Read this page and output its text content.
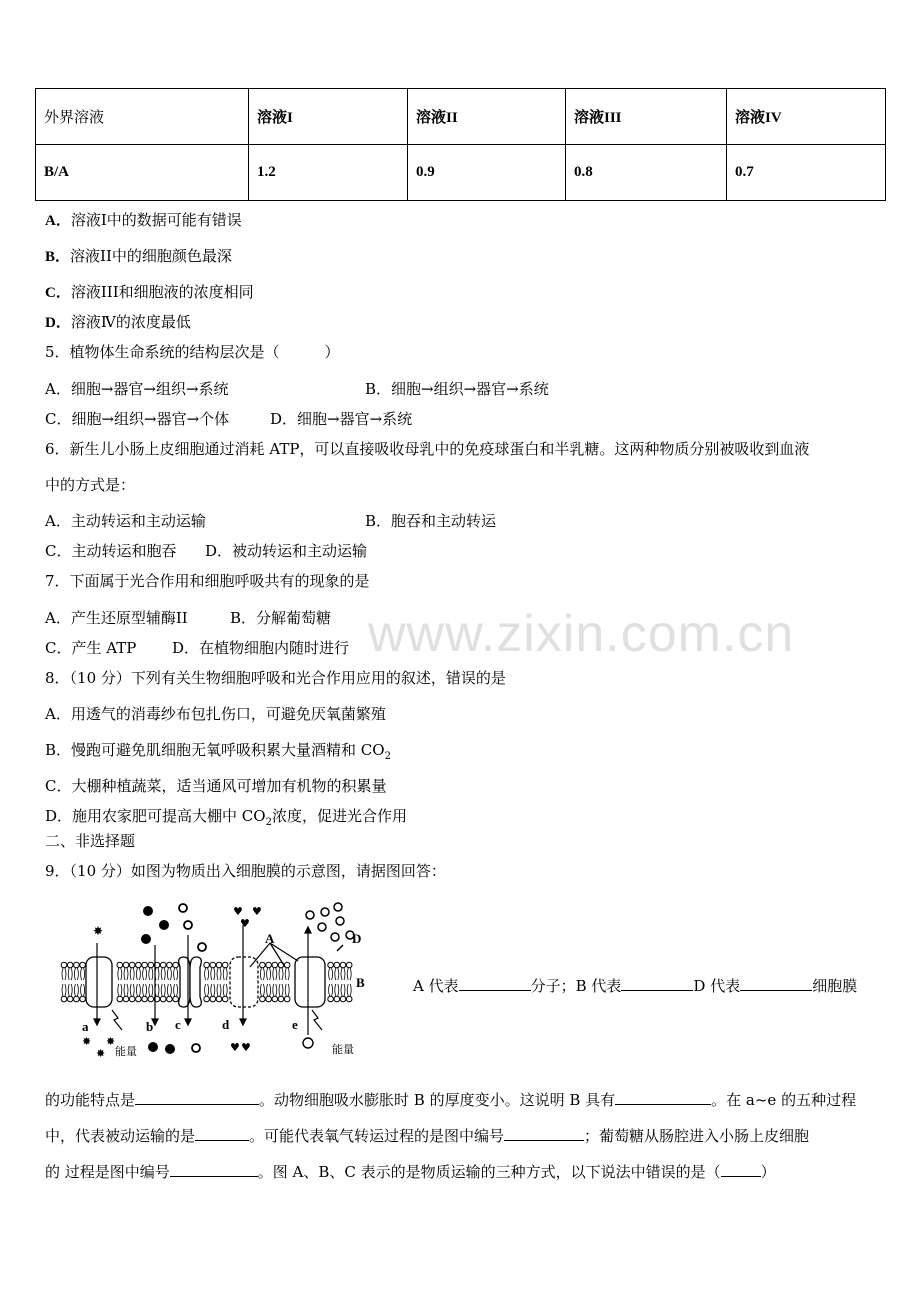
外界溶液	溶液I	溶液II	溶液III	溶液IV
B/A	1.2	0.9	0.8	0.7
A．溶液I中的数据可能有错误
B．溶液II中的细胞颜色最深
C．溶液III和细胞液的浓度相同
D．溶液Ⅳ的浓度最低
5．植物体生命系统的结构层次是（　　　）
A．细胞→器官→组织→系统	B．细胞→组织→器官→系统
C．细胞→组织→器官→个体	D．细胞→器官→系统
6．新生儿小肠上皮细胞通过消耗 ATP，可以直接吸收母乳中的免疫球蛋白和半乳糖。这两种物质分别被吸收到血液
中的方式是：
A．主动转运和主动运输	B．胞吞和主动转运
C．主动转运和胞吞 D．被动转运和主动运输
7．下面属于光合作用和细胞呼吸共有的现象的是
A．产生还原型辅酶II	B．分解葡萄糖
C．产生 ATP D．在植物细胞内随时进行 www.zixin.com.cn
8．（10 分）下列有关生物细胞呼吸和光合作用应用的叙述，错误的是
A．用透气的消毒纱布包扎伤口，可避免厌氧菌繁殖
B．慢跑可避免肌细胞无氧呼吸积累大量酒精和 $CO_2$
C．大棚种植蔬菜，适当通风可增加有机物的积累量
D．施用农家肥可提高大棚中 $CO_2$浓度，促进光合作用
二、非选择题
9．（10 分）如图为物质出入细胞膜的示意图，请据图回答：
✸
♥ ♥
♥
✸
✸
✸	♥ ♥
A
B
D
a	b c	d	e
能量	能量
A 代表	分子；B 代表	D 代表	细胞膜
的功能特点是	。动物细胞吸水膨胀时 B 的厚度变小。这说明 B 具有	。在 a~e 的五种过程
中，代表被动运输的是	。可能代表氧气转运过程的是图中编号	；葡萄糖从肠腔进入小肠上皮细胞
的 过程是图中编号	。图 A、B、C 表示的是物质运输的三种方式，以下说法中错误的是（	）
